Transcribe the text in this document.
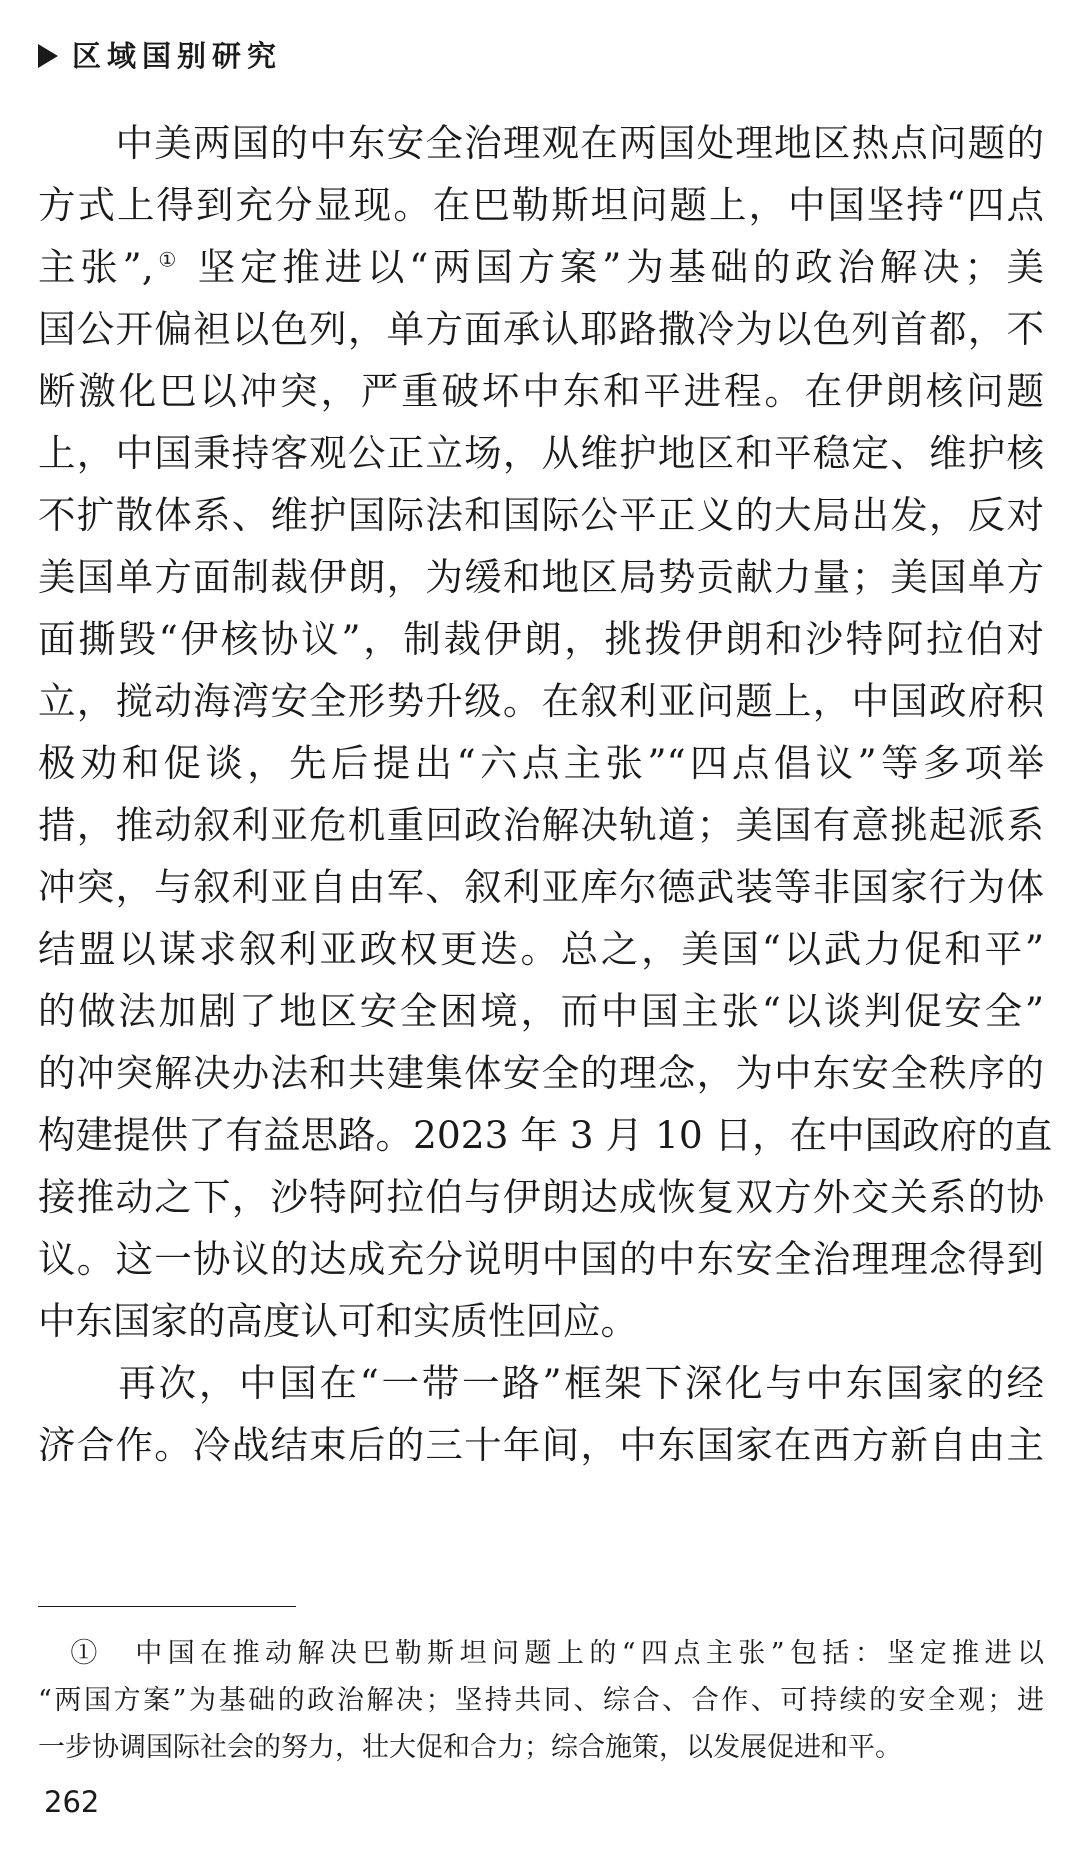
区域国别研究
　　中美两国的中东安全治理观在两国处理地区热点问题的
方式上得到充分显现。在巴勒斯坦问题上，中国坚持“四点
主张”,① 坚定推进以“两国方案”为基础的政治解决；美
国公开偏袒以色列，单方面承认耶路撒冷为以色列首都，不
断激化巴以冲突，严重破坏中东和平进程。在伊朗核问题
上，中国秉持客观公正立场，从维护地区和平稳定、维护核
不扩散体系、维护国际法和国际公平正义的大局出发，反对
美国单方面制裁伊朗，为缓和地区局势贡献力量；美国单方
面撕毁“伊核协议”，制裁伊朗，挑拨伊朗和沙特阿拉伯对
立，搅动海湾安全形势升级。在叙利亚问题上，中国政府积
极劝和促谈，先后提出“六点主张”“四点倡议”等多项举
措，推动叙利亚危机重回政治解决轨道；美国有意挑起派系
冲突，与叙利亚自由军、叙利亚库尔德武装等非国家行为体
结盟以谋求叙利亚政权更迭。总之，美国“以武力促和平”
的做法加剧了地区安全困境，而中国主张“以谈判促安全”
的冲突解决办法和共建集体安全的理念，为中东安全秩序的
构建提供了有益思路。2023 年 3 月 10 日，在中国政府的直
接推动之下，沙特阿拉伯与伊朗达成恢复双方外交关系的协
议。这一协议的达成充分说明中国的中东安全治理理念得到
中东国家的高度认可和实质性回应。
　　再次，中国在“一带一路”框架下深化与中东国家的经
济合作。冷战结束后的三十年间，中东国家在西方新自由主
　①　中国在推动解决巴勒斯坦问题上的“四点主张”包括：坚定推进以
“两国方案”为基础的政治解决；坚持共同、综合、合作、可持续的安全观；进
一步协调国际社会的努力，壮大促和合力；综合施策，以发展促进和平。
262
